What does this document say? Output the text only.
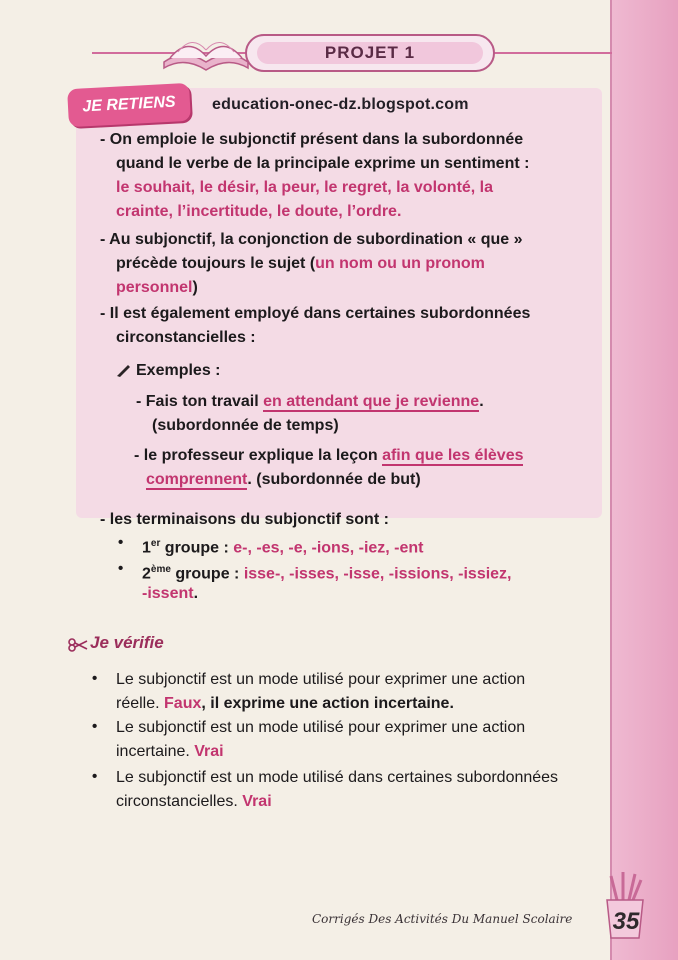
PROJET 1
JE RETIENS	education-onec-dz.blogspot.com
- On emploie le subjonctif présent dans la subordonnée
quand le verbe de la principale exprime un sentiment :
le souhait, le désir, la peur, le regret, la volonté, la
crainte, l’incertitude, le doute, l’ordre.
- Au subjonctif, la conjonction de subordination « que »
précède toujours le sujet (un nom ou un pronom
personnel)
- Il est également employé dans certaines subordonnées
circonstancielles :
Exemples :
- Fais ton travail en attendant que je revienne.
(subordonnée de temps)
- le professeur explique la leçon afin que les élèves
comprennent. (subordonnée de but)
- les terminaisons du subjonctif sont :
• 1er groupe : e-, -es, -e, -ions, -iez, -ent
• 2ème groupe : isse-, -isses, -isse, -issions, -issiez,
-issent.
Je vérifie
• Le subjonctif est un mode utilisé pour exprimer une action
réelle. Faux, il exprime une action incertaine.
• Le subjonctif est un mode utilisé pour exprimer une action
incertaine. Vrai
• Le subjonctif est un mode utilisé dans certaines subordonnées
circonstancielles. Vrai
Corrigés Des Activités Du Manuel Scolaire 35
